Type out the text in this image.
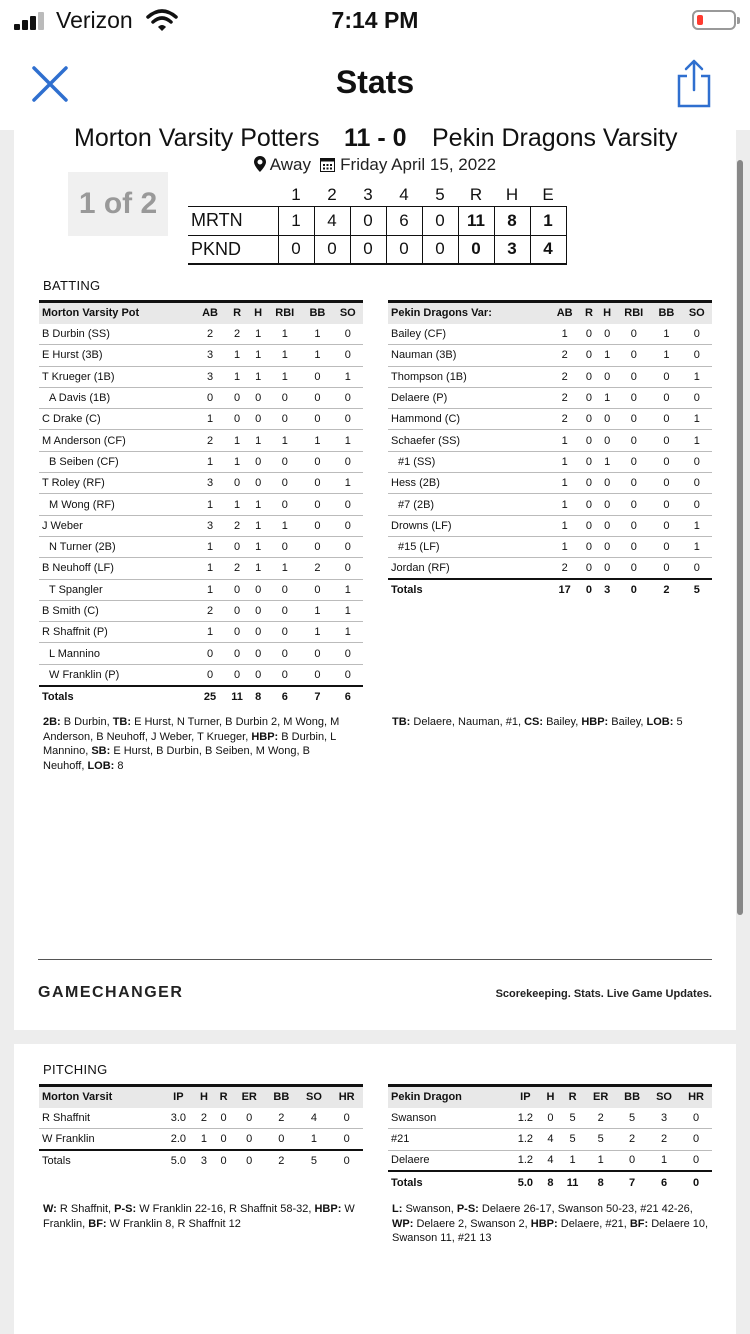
Verizon	7:14 PM
Stats
Morton Varsity Potters 11 - 0 Pekin Dragons Varsity
Away Friday April 15, 2022
1 of 2
		1	2	3	4	5	R	H	E
MRTN	1	4	0	6	0	11	8	1
PKND	0	0	0	0	0	0	3	4
BATTING
Morton Varsity Pot	AB	R	H	RBI	BB	SO
B Durbin (SS)	2	2	1	1	1	0
E Hurst (3B)	3	1	1	1	1	0
T Krueger (1B)	3	1	1	1	0	1
A Davis (1B)	0	0	0	0	0	0
C Drake (C)	1	0	0	0	0	0
M Anderson (CF)	2	1	1	1	1	1
B Seiben (CF)	1	1	0	0	0	0
T Roley (RF)	3	0	0	0	0	1
M Wong (RF)	1	1	1	0	0	0
J Weber	3	2	1	1	0	0
N Turner (2B)	1	0	1	0	0	0
B Neuhoff (LF)	1	2	1	1	2	0
T Spangler	1	0	0	0	0	1
B Smith (C)	2	0	0	0	1	1
R Shaffnit (P)	1	0	0	0	1	1
L Mannino	0	0	0	0	0	0
W Franklin (P)	0	0	0	0	0	0
Totals	25	11	8	6	7	6
Pekin Dragons Var:	AB	R	H	RBI	BB	SO
Bailey (CF)	1	0	0	0	1	0
Nauman (3B)	2	0	1	0	1	0
Thompson (1B)	2	0	0	0	0	1
Delaere (P)	2	0	1	0	0	0
Hammond (C)	2	0	0	0	0	1
Schaefer (SS)	1	0	0	0	0	1
#1 (SS)	1	0	1	0	0	0
Hess (2B)	1	0	0	0	0	0
#7 (2B)	1	0	0	0	0	0
Drowns (LF)	1	0	0	0	0	1
#15 (LF)	1	0	0	0	0	1
Jordan (RF)	2	0	0	0	0	0
Totals	17	0	3	0	2	5
2B: B Durbin, TB: E Hurst, N Turner, B Durbin 2, M Wong, M Anderson, B Neuhoff, J Weber, T Krueger, HBP: B Durbin, L Mannino, SB: E Hurst, B Durbin, B Seiben, M Wong, B Neuhoff, LOB: 8
TB: Delaere, Nauman, #1, CS: Bailey, HBP: Bailey, LOB: 5
GAMECHANGER	Scorekeeping. Stats. Live Game Updates.
PITCHING
Morton Varsit	IP	H	R	ER	BB	SO	HR
R Shaffnit	3.0	2	0	0	2	4	0
W Franklin	2.0	1	0	0	0	1	0
Totals	5.0	3	0	0	2	5	0
Pekin Dragon	IP	H	R	ER	BB	SO	HR
Swanson	1.2	0	5	2	5	3	0
#21	1.2	4	5	5	2	2	0
Delaere	1.2	4	1	1	0	1	0
Totals	5.0	8	11	8	7	6	0
W: R Shaffnit, P-S: W Franklin 22-16, R Shaffnit 58-32, HBP: W Franklin, BF: W Franklin 8, R Shaffnit 12
L: Swanson, P-S: Delaere 26-17, Swanson 50-23, #21 42-26, WP: Delaere 2, Swanson 2, HBP: Delaere, #21, BF: Delaere 10, Swanson 11, #21 13
